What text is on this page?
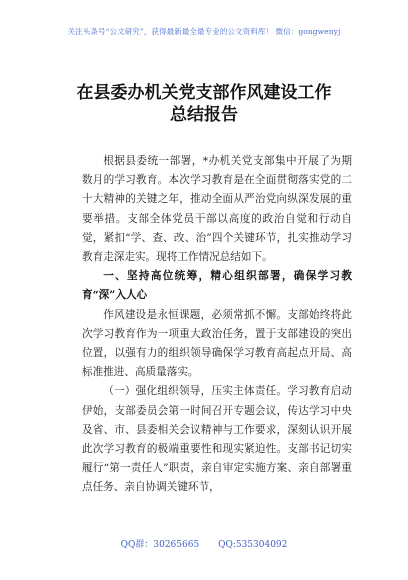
关注头条号“公文研究”，获得最新最全最专业的公文资料库！ 微信：gongwenyj
在县委办机关党支部作风建设工作
总结报告

根据县委统一部署，*办机关党支部集中开展了为期数月的学习教育。本次学习教育是在全面贯彻落实党的二十大精神的关键之年，推动全面从严治党向纵深发展的重要举措。支部全体党员干部以高度的政治自觉和行动自觉，紧扣“学、查、改、治”四个关键环节，扎实推动学习教育走深走实。现将工作情况总结如下。

一、坚持高位统筹，精心组织部署，确保学习教育“深”入人心

作风建设是永恒课题，必须常抓不懈。支部始终将此次学习教育作为一项重大政治任务，置于支部建设的突出位置，以强有力的组织领导确保学习教育高起点开局、高标准推进、高质量落实。

（一）强化组织领导，压实主体责任。学习教育启动伊始，支部委员会第一时间召开专题会议，传达学习中央及省、市、县委相关会议精神与工作要求，深刻认识开展此次学习教育的极端重要性和现实紧迫性。支部书记切实履行“第一责任人”职责，亲自审定实施方案、亲自部署重点任务、亲自协调关键环节，

QQ群：30265665 QQ:535304092
